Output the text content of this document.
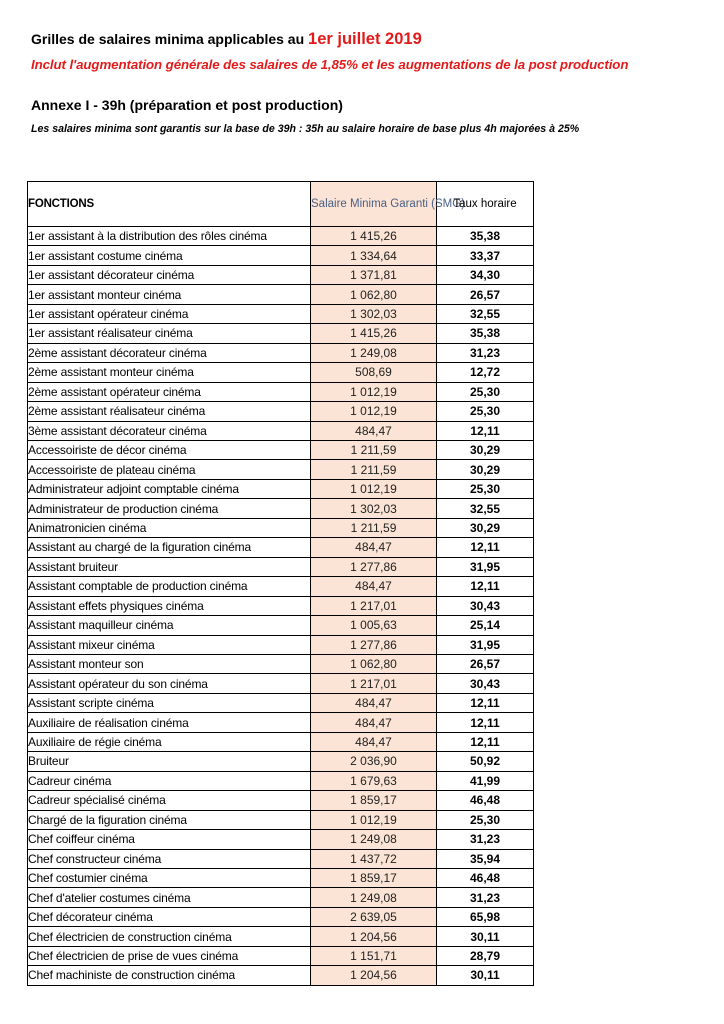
Grilles de salaires minima applicables au 1er juillet 2019
Inclut l'augmentation générale des salaires de 1,85% et les augmentations de la post production
Annexe I - 39h (préparation et post production)
Les salaires minima sont garantis sur la base de 39h : 35h au salaire horaire de base plus 4h majorées à 25%
FONCTIONS	Salaire Minima Garanti (SMG)	Taux horaire
1er assistant à la distribution des rôles cinéma	1 415,26	35,38
1er assistant costume cinéma	1 334,64	33,37
1er assistant décorateur cinéma	1 371,81	34,30
1er assistant monteur cinéma	1 062,80	26,57
1er assistant opérateur cinéma	1 302,03	32,55
1er assistant réalisateur cinéma	1 415,26	35,38
2ème assistant décorateur cinéma	1 249,08	31,23
2ème assistant monteur cinéma	508,69	12,72
2ème assistant opérateur cinéma	1 012,19	25,30
2ème assistant réalisateur cinéma	1 012,19	25,30
3ème assistant décorateur cinéma	484,47	12,11
Accessoiriste de décor cinéma	1 211,59	30,29
Accessoiriste de plateau cinéma	1 211,59	30,29
Administrateur adjoint comptable cinéma	1 012,19	25,30
Administrateur de production cinéma	1 302,03	32,55
Animatronicien cinéma	1 211,59	30,29
Assistant au chargé de la figuration cinéma	484,47	12,11
Assistant bruiteur	1 277,86	31,95
Assistant comptable de production cinéma	484,47	12,11
Assistant effets physiques cinéma	1 217,01	30,43
Assistant maquilleur cinéma	1 005,63	25,14
Assistant mixeur cinéma	1 277,86	31,95
Assistant monteur son	1 062,80	26,57
Assistant opérateur du son cinéma	1 217,01	30,43
Assistant scripte cinéma	484,47	12,11
Auxiliaire de réalisation cinéma	484,47	12,11
Auxiliaire de régie cinéma	484,47	12,11
Bruiteur	2 036,90	50,92
Cadreur cinéma	1 679,63	41,99
Cadreur spécialisé cinéma	1 859,17	46,48
Chargé de la figuration cinéma	1 012,19	25,30
Chef coiffeur cinéma	1 249,08	31,23
Chef constructeur cinéma	1 437,72	35,94
Chef costumier cinéma	1 859,17	46,48
Chef d'atelier costumes cinéma	1 249,08	31,23
Chef décorateur cinéma	2 639,05	65,98
Chef électricien de construction cinéma	1 204,56	30,11
Chef électricien de prise de vues cinéma	1 151,71	28,79
Chef machiniste de construction cinéma	1 204,56	30,11
